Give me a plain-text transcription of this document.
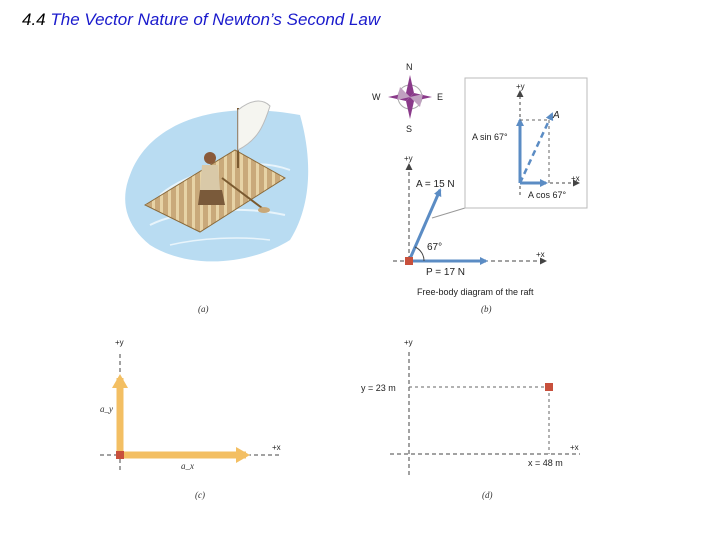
4.4 The Vector Nature of Newton’s Second Law
(a)
N
S
E
W
+y
+x
A = 15 N
P = 17 N
67°
Free-body diagram of the raft
(b)
+y
+x
A
A sin 67°
A cos 67°
+y
+x
a_y
a_x
(c)
+y
+x
y = 23 m
x = 48 m
(d)
